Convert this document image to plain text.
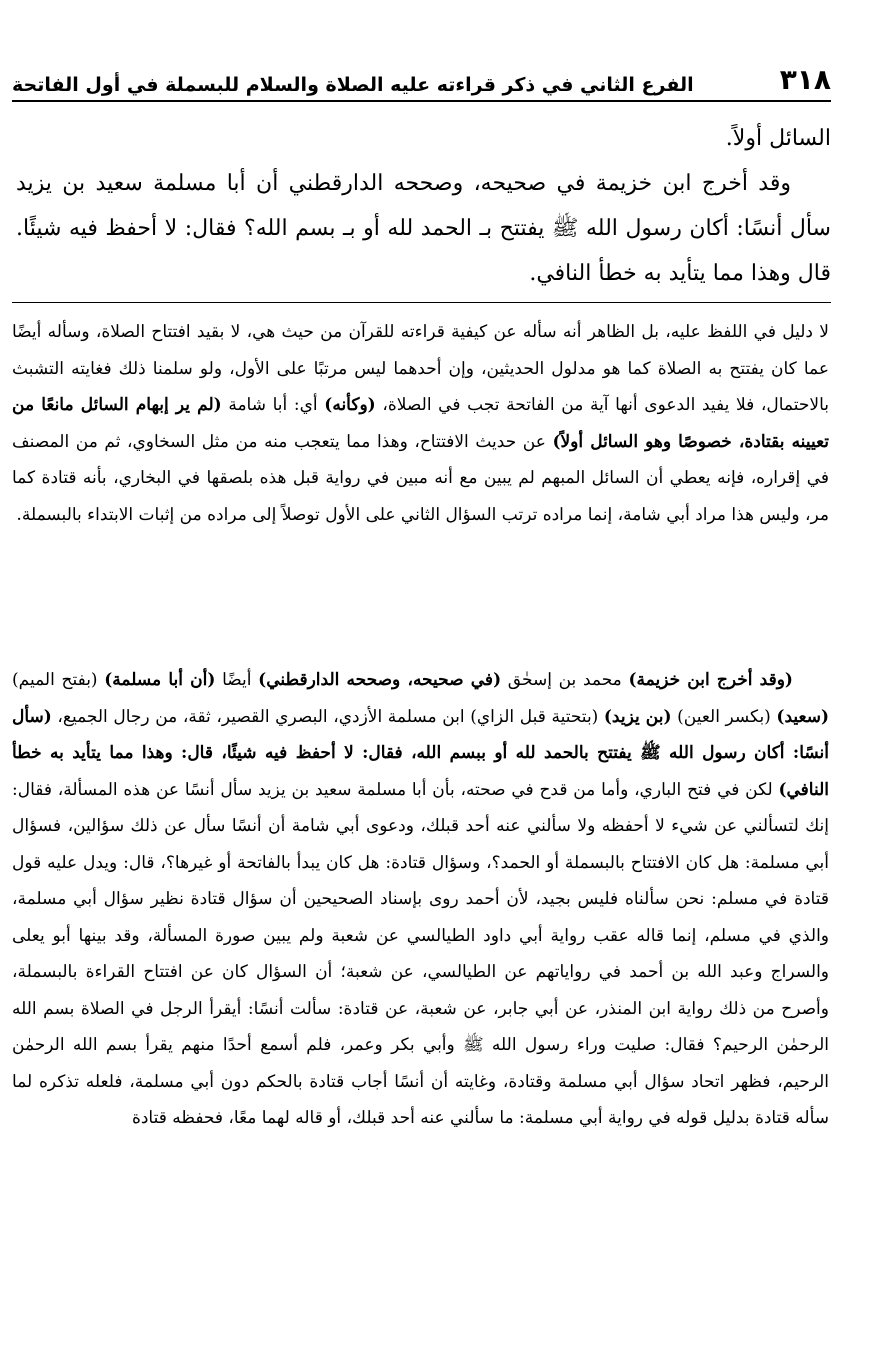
٣١٨
الفرع الثاني في ذكر قراءته عليه الصلاة والسلام للبسملة في أول الفاتحة

السائل أولاً.

وقد أخرج ابن خزيمة في صحيحه، وصححه الدارقطني أن أبا مسلمة سعيد بن يزيد سأل أنسًا: أكان رسول الله ﷺ يفتتح بـ الحمد لله أو بـ بسم الله؟ فقال: لا أحفظ فيه شيئًا. قال وهذا مما يتأيد به خطأ النافي.

لا دليل في اللفظ عليه، بل الظاهر أنه سأله عن كيفية قراءته للقرآن من حيث هي، لا بقيد افتتاح الصلاة، وسأله أيضًا عما كان يفتتح به الصلاة كما هو مدلول الحديثين، وإن أحدهما ليس مرتبًا على الأول، ولو سلمنا ذلك فغايته التشبث بالاحتمال، فلا يفيد الدعوى أنها آية من الفاتحة تجب في الصلاة، (وكأنه) أي: أبا شامة (لم ير إبهام السائل مانعًا من تعيينه بقتادة، خصوصًا وهو السائل أولاً) عن حديث الافتتاح، وهذا مما يتعجب منه من مثل السخاوي، ثم من المصنف في إقراره، فإنه يعطي أن السائل المبهم لم يبين مع أنه مبين في رواية قبل هذه بلصقها في البخاري، بأنه قتادة كما مر، وليس هذا مراد أبي شامة، إنما مراده ترتب السؤال الثاني على الأول توصلاً إلى مراده من إثبات الابتداء بالبسملة.

(وقد أخرج ابن خزيمة) محمد بن إسحٰق (في صحيحه، وصححه الدارقطني) أيضًا (أن أبا مسلمة) (بفتح الميم) (سعيد) (بكسر العين) (بن يزيد) (بتحتية قبل الزاي) ابن مسلمة الأزدي، البصري القصير، ثقة، من رجال الجميع، (سأل أنسًا: أكان رسول الله ﷺ يفتتح بالحمد لله أو ببسم الله، فقال: لا أحفظ فيه شيئًا، قال: وهذا مما يتأيد به خطأ النافي) لكن في فتح الباري، وأما من قدح في صحته، بأن أبا مسلمة سعيد بن يزيد سأل أنسًا عن هذه المسألة، فقال: إنك لتسألني عن شيء لا أحفظه ولا سألني عنه أحد قبلك، ودعوى أبي شامة أن أنسًا سأل عن ذلك سؤالين، فسؤال أبي مسلمة: هل كان الافتتاح بالبسملة أو الحمد؟، وسؤال قتادة: هل كان يبدأ بالفاتحة أو غيرها؟، قال: ويدل عليه قول قتادة في مسلم: نحن سألناه فليس بجيد، لأن أحمد روى بإسناد الصحيحين أن سؤال قتادة نظير سؤال أبي مسلمة، والذي في مسلم، إنما قاله عقب رواية أبي داود الطيالسي عن شعبة ولم يبين صورة المسألة، وقد بينها أبو يعلى والسراج وعبد الله بن أحمد في رواياتهم عن الطيالسي، عن شعبة؛ أن السؤال كان عن افتتاح القراءة بالبسملة، وأصرح من ذلك رواية ابن المنذر، عن أبي جابر، عن شعبة، عن قتادة: سألت أنسًا: أيقرأ الرجل في الصلاة بسم الله الرحمٰن الرحيم؟ فقال: صليت وراء رسول الله ﷺ وأبي بكر وعمر، فلم أسمع أحدًا منهم يقرأ بسم الله الرحمٰن الرحيم، فظهر اتحاد سؤال أبي مسلمة وقتادة، وغايته أن أنسًا أجاب قتادة بالحكم دون أبي مسلمة، فلعله تذكره لما سأله قتادة بدليل قوله في رواية أبي مسلمة: ما سألني عنه أحد قبلك، أو قاله لهما معًا، فحفظه قتادة
